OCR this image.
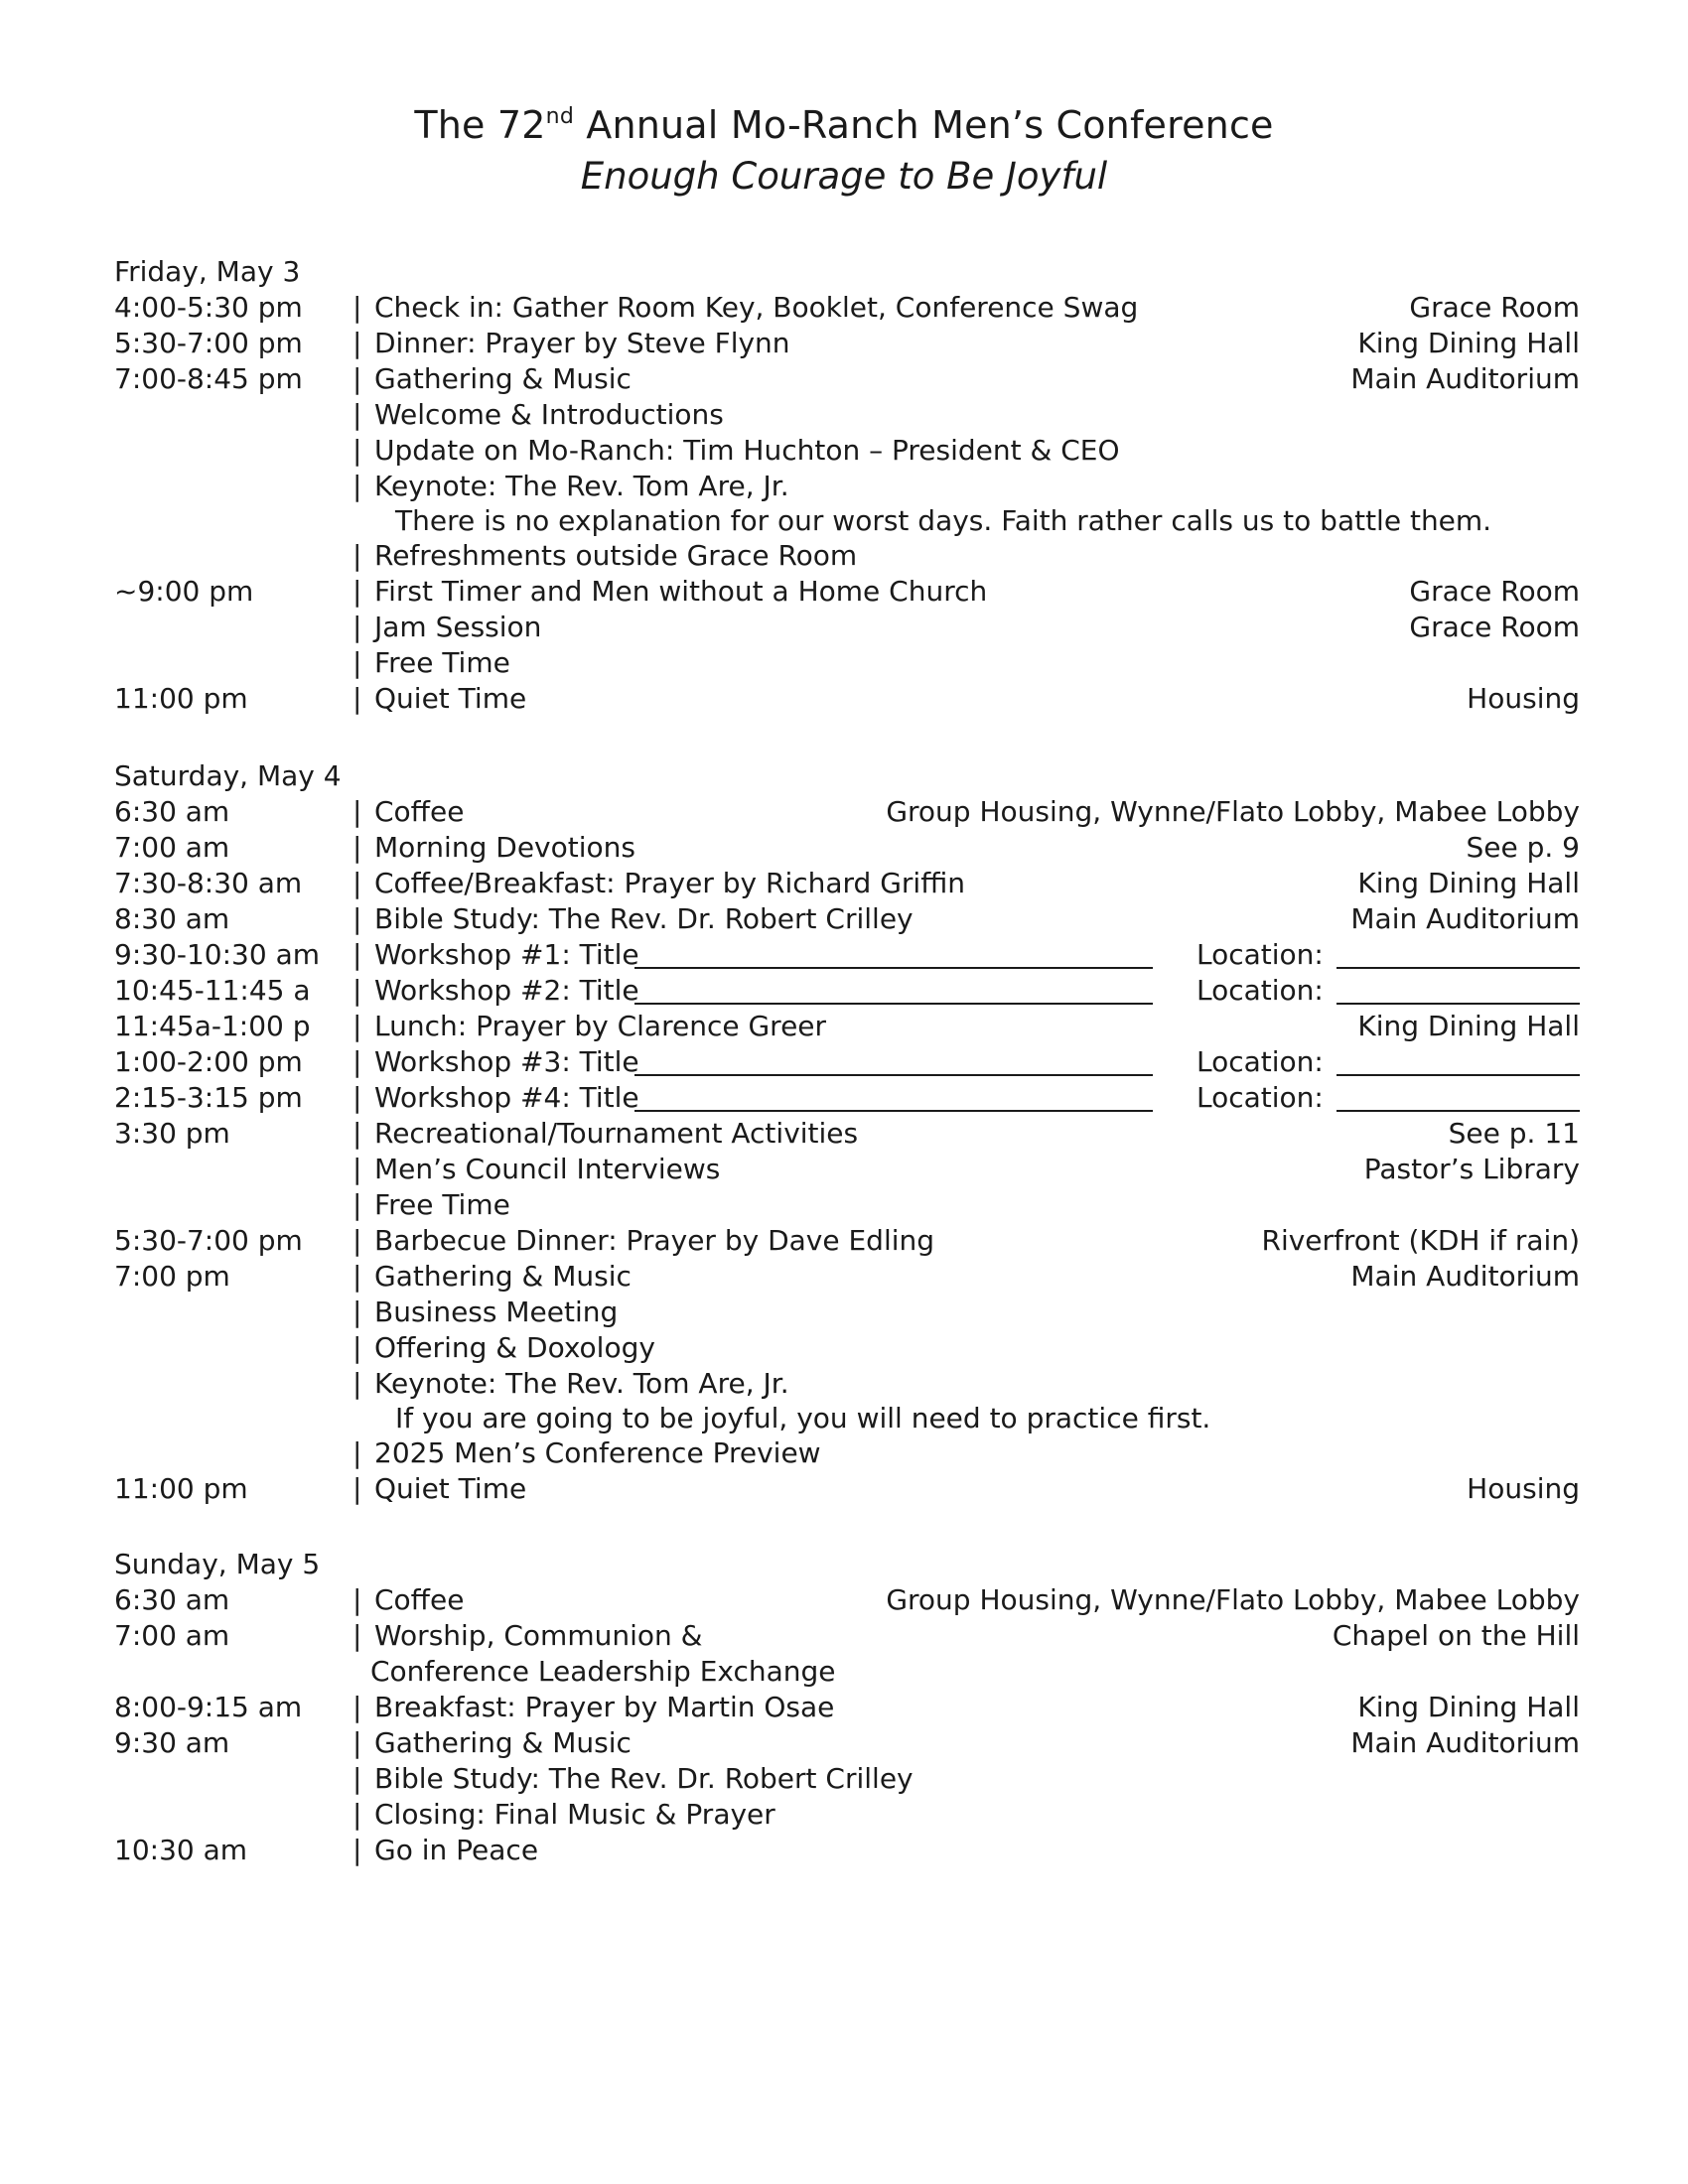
The 72nd Annual Mo-Ranch Men’s Conference
Enough Courage to Be Joyful
Friday, May 3
4:00-5:30 pm | Check in: Gather Room Key, Booklet, Conference Swag	Grace Room
5:30-7:00 pm | Dinner: Prayer by Steve Flynn	King Dining Hall
7:00-8:45 pm | Gathering & Music	Main Auditorium
| Welcome & Introductions
| Update on Mo-Ranch: Tim Huchton – President & CEO
| Keynote: The Rev. Tom Are, Jr.
There is no explanation for our worst days. Faith rather calls us to battle them.
| Refreshments outside Grace Room
~9:00 pm	| First Timer and Men without a Home Church	Grace Room
| Jam Session	Grace Room
| Free Time
11:00 pm	| Quiet Time	Housing
Saturday, May 4
6:30 am	| Coffee	Group Housing, Wynne/Flato Lobby, Mabee Lobby
7:00 am	| Morning Devotions	See p. 9
7:30-8:30 am | Coffee/Breakfast: Prayer by Richard Griffin	King Dining Hall
8:30 am	| Bible Study: The Rev. Dr. Robert Crilley	Main Auditorium
9:30-10:30 am | Workshop #1: Title	Location:
10:45-11:45 a | Workshop #2: Title	Location:
11:45a-1:00 p | Lunch: Prayer by Clarence Greer	King Dining Hall
1:00-2:00 pm | Workshop #3: Title	Location:
2:15-3:15 pm | Workshop #4: Title	Location:
3:30 pm	| Recreational/Tournament Activities	See p. 11
| Men’s Council Interviews	Pastor’s Library
| Free Time
5:30-7:00 pm | Barbecue Dinner: Prayer by Dave Edling	Riverfront (KDH if rain)
7:00 pm	| Gathering & Music	Main Auditorium
| Business Meeting
| Offering & Doxology
| Keynote: The Rev. Tom Are, Jr.
If you are going to be joyful, you will need to practice first.
| 2025 Men’s Conference Preview
11:00 pm	| Quiet Time	Housing
Sunday, May 5
6:30 am	| Coffee	Group Housing, Wynne/Flato Lobby, Mabee Lobby
7:00 am	| Worship, Communion &	Chapel on the Hill
Conference Leadership Exchange
8:00-9:15 am | Breakfast: Prayer by Martin Osae	King Dining Hall
9:30 am	| Gathering & Music	Main Auditorium
| Bible Study: The Rev. Dr. Robert Crilley
| Closing: Final Music & Prayer
10:30 am	| Go in Peace
